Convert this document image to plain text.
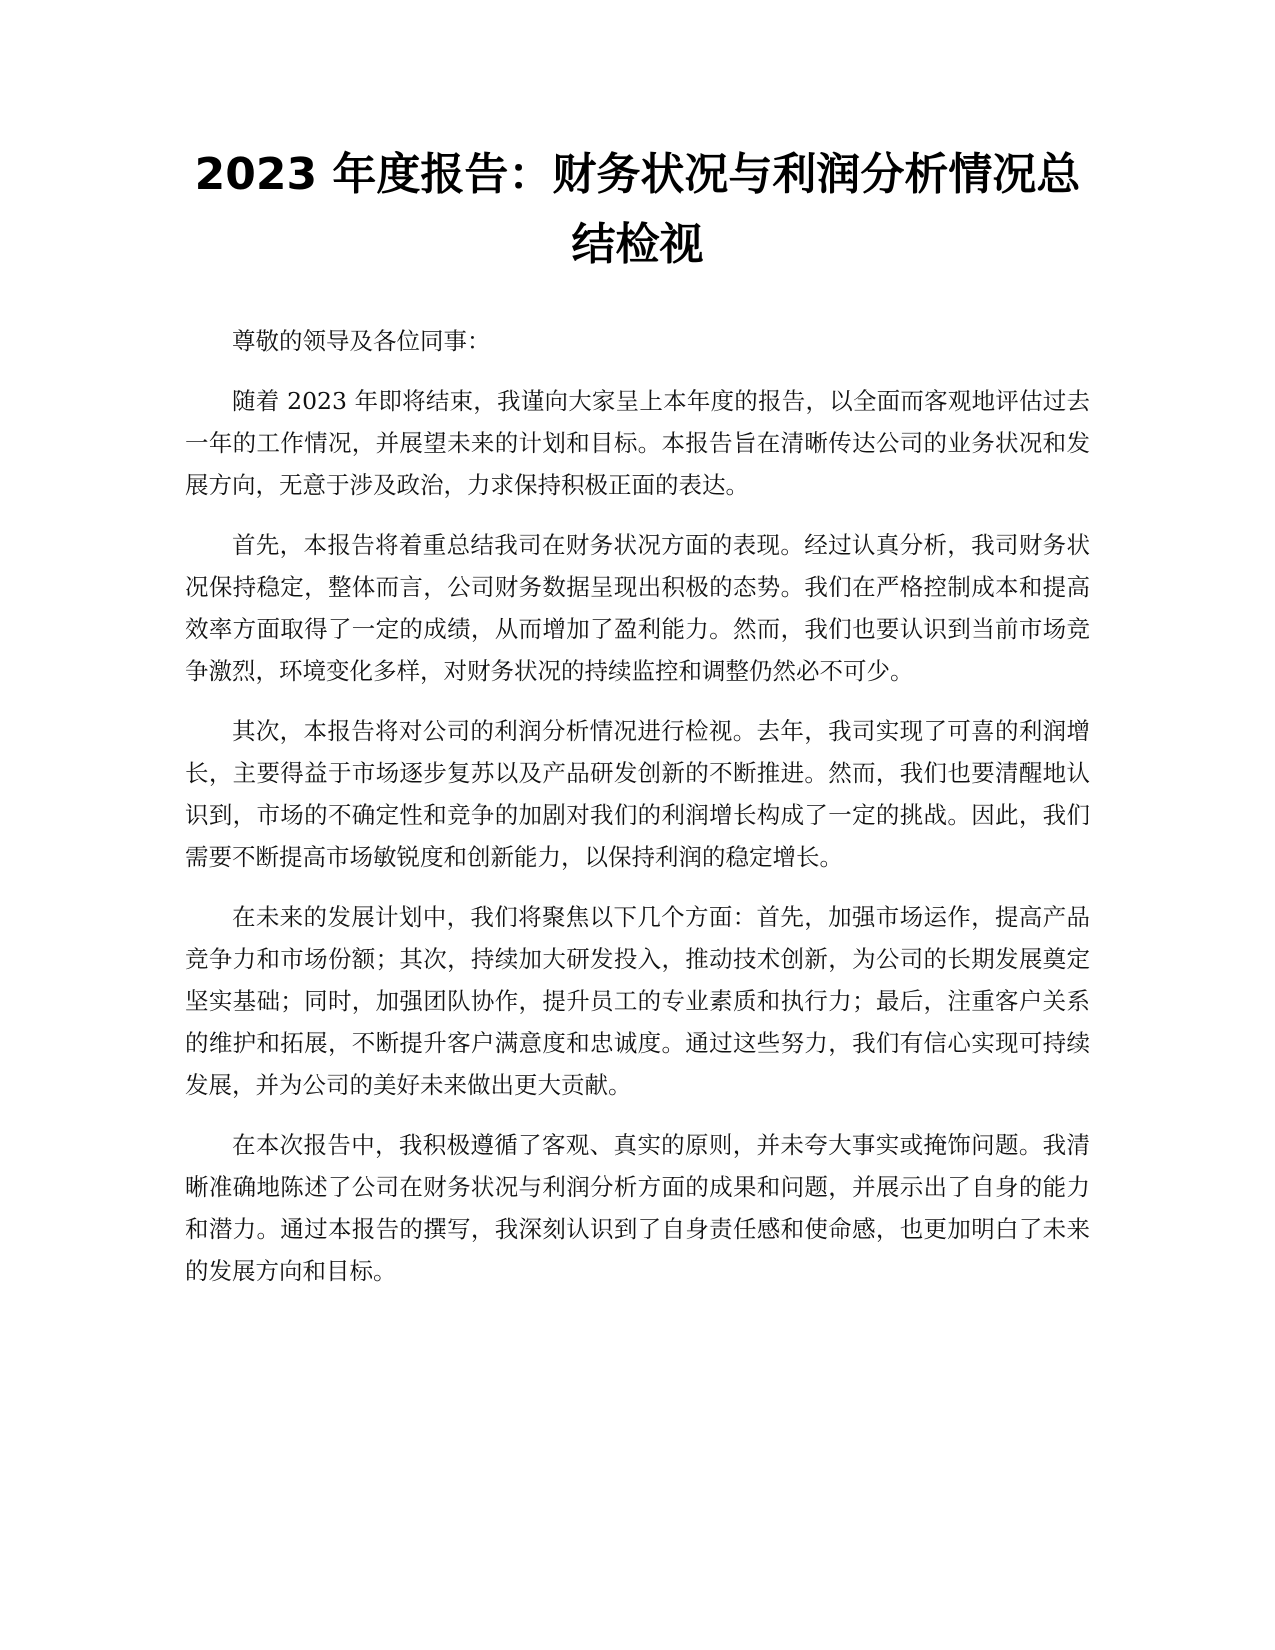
2023 年度报告：财务状况与利润分析情况总
结检视

尊敬的领导及各位同事：

随着 2023 年即将结束，我谨向大家呈上本年度的报告，以全面而客观地评估过去一年的工作情况，并展望未来的计划和目标。本报告旨在清晰传达公司的业务状况和发展方向，无意于涉及政治，力求保持积极正面的表达。

首先，本报告将着重总结我司在财务状况方面的表现。经过认真分析，我司财务状况保持稳定，整体而言，公司财务数据呈现出积极的态势。我们在严格控制成本和提高效率方面取得了一定的成绩，从而增加了盈利能力。然而，我们也要认识到当前市场竞争激烈，环境变化多样，对财务状况的持续监控和调整仍然必不可少。

其次，本报告将对公司的利润分析情况进行检视。去年，我司实现了可喜的利润增长，主要得益于市场逐步复苏以及产品研发创新的不断推进。然而，我们也要清醒地认识到，市场的不确定性和竞争的加剧对我们的利润增长构成了一定的挑战。因此，我们需要不断提高市场敏锐度和创新能力，以保持利润的稳定增长。

在未来的发展计划中，我们将聚焦以下几个方面：首先，加强市场运作，提高产品竞争力和市场份额；其次，持续加大研发投入，推动技术创新，为公司的长期发展奠定坚实基础；同时，加强团队协作，提升员工的专业素质和执行力；最后，注重客户关系的维护和拓展，不断提升客户满意度和忠诚度。通过这些努力，我们有信心实现可持续发展，并为公司的美好未来做出更大贡献。

在本次报告中，我积极遵循了客观、真实的原则，并未夸大事实或掩饰问题。我清晰准确地陈述了公司在财务状况与利润分析方面的成果和问题，并展示出了自身的能力和潜力。通过本报告的撰写，我深刻认识到了自身责任感和使命感，也更加明白了未来的发展方向和目标。
